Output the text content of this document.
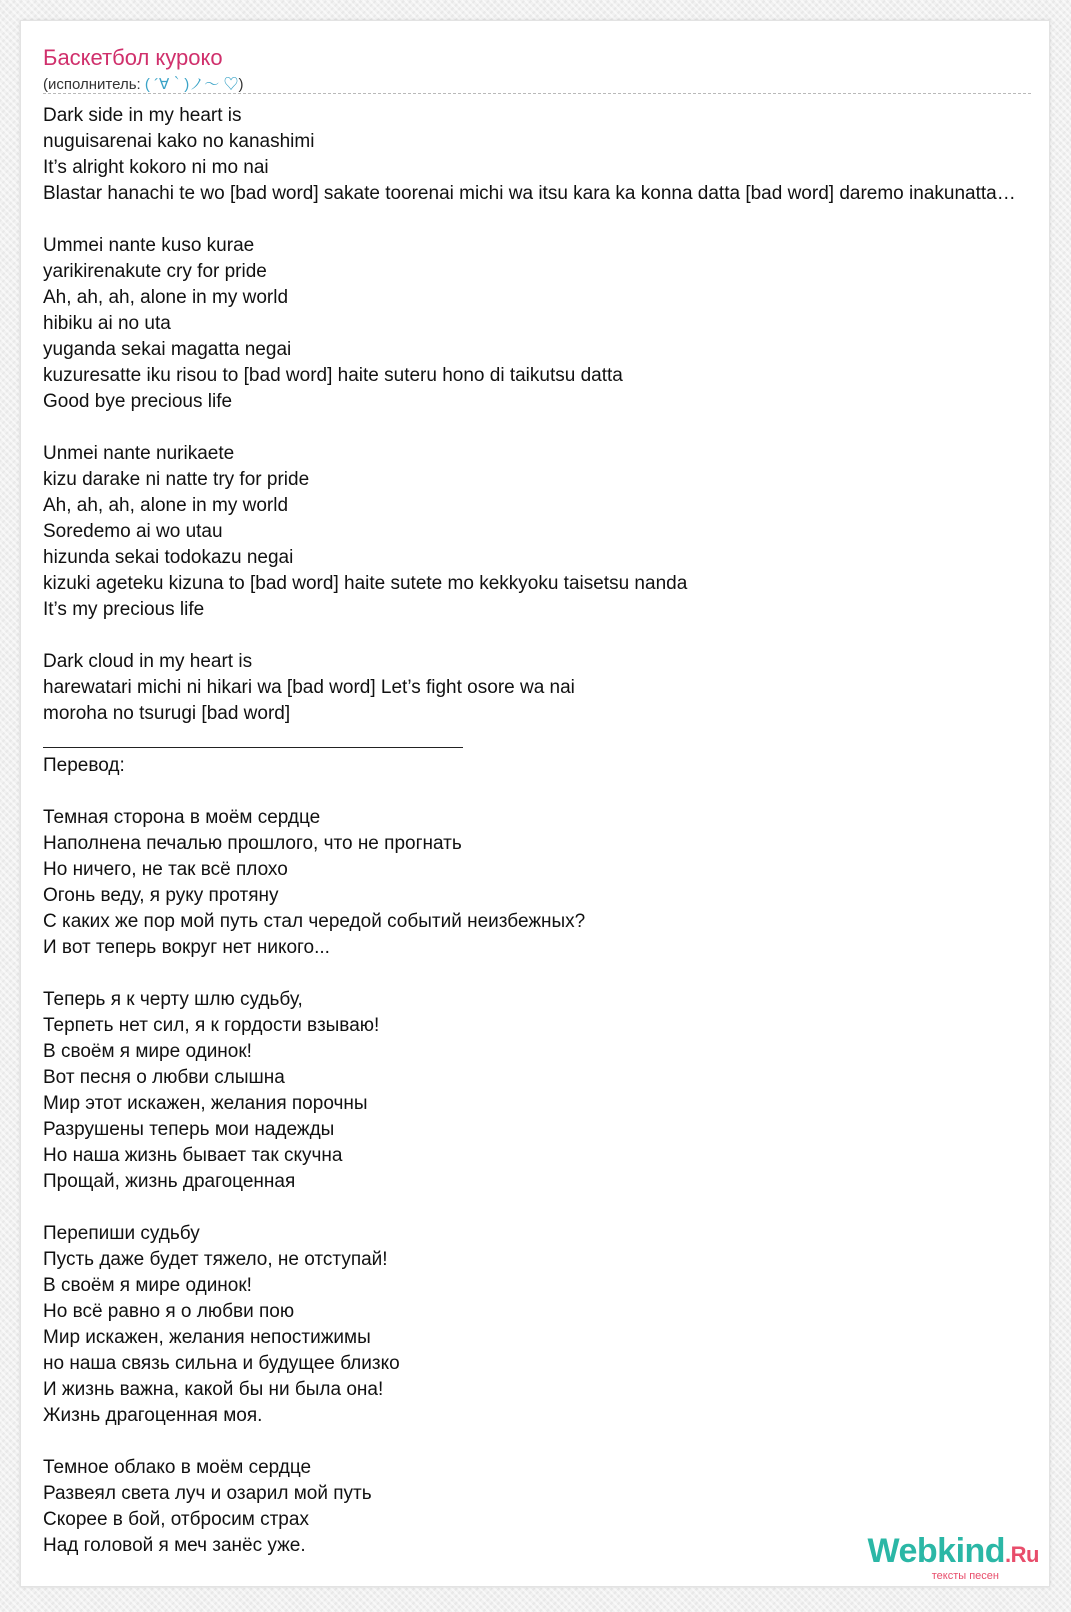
Баскетбол куроко
(исполнитель: ( ´∀｀)ノ～ ♡)
Dark side in my heart is
nuguisarenai kako no kanashimi
It’s alright kokoro ni mo nai
Blastar hanachi te wo [bad word] sakate toorenai michi wa itsu kara ka konna datta [bad word] daremo inakunatta…
Ummei nante kuso kurae
yarikirenakute cry for pride
Ah, ah, ah, alone in my world
hibiku ai no uta
yuganda sekai magatta negai
kuzuresatte iku risou to [bad word] haite suteru hono di taikutsu datta
Good bye precious life
Unmei nante nurikaete
kizu darake ni natte try for pride
Ah, ah, ah, alone in my world
Soredemo ai wo utau
hizunda sekai todokazu negai
kizuki ageteku kizuna to [bad word] haite sutete mo kekkyoku taisetsu nanda
It’s my precious life
Dark cloud in my heart is
harewatari michi ni hikari wa [bad word] Let’s fight osore wa nai
moroha no tsurugi [bad word]
Перевод:
Темная сторона в моём сердце
Наполнена печалью прошлого, что не прогнать
Но ничего, не так всё плохо
Огонь веду, я руку протяну
С каких же пор мой путь стал чередой событий неизбежных?
И вот теперь вокруг нет никого...
Теперь я к черту шлю судьбу,
Терпеть нет сил, я к гордости взываю!
В своём я мире одинок!
Вот песня о любви слышна
Мир этот искажен, желания порочны
Разрушены теперь мои надежды
Но наша жизнь бывает так скучна
Прощай, жизнь драгоценная
Перепиши судьбу
Пусть даже будет тяжело, не отступай!
В своём я мире одинок!
Но всё равно я о любви пою
Мир искажен, желания непостижимы
но наша связь сильна и будущее близко
И жизнь важна, какой бы ни была она!
Жизнь драгоценная моя.
Темное облако в моём сердце
Развеял света луч и озарил мой путь
Скорее в бой, отбросим страх
Над головой я меч занёс уже.	Webkind.Ru
тексты песен
